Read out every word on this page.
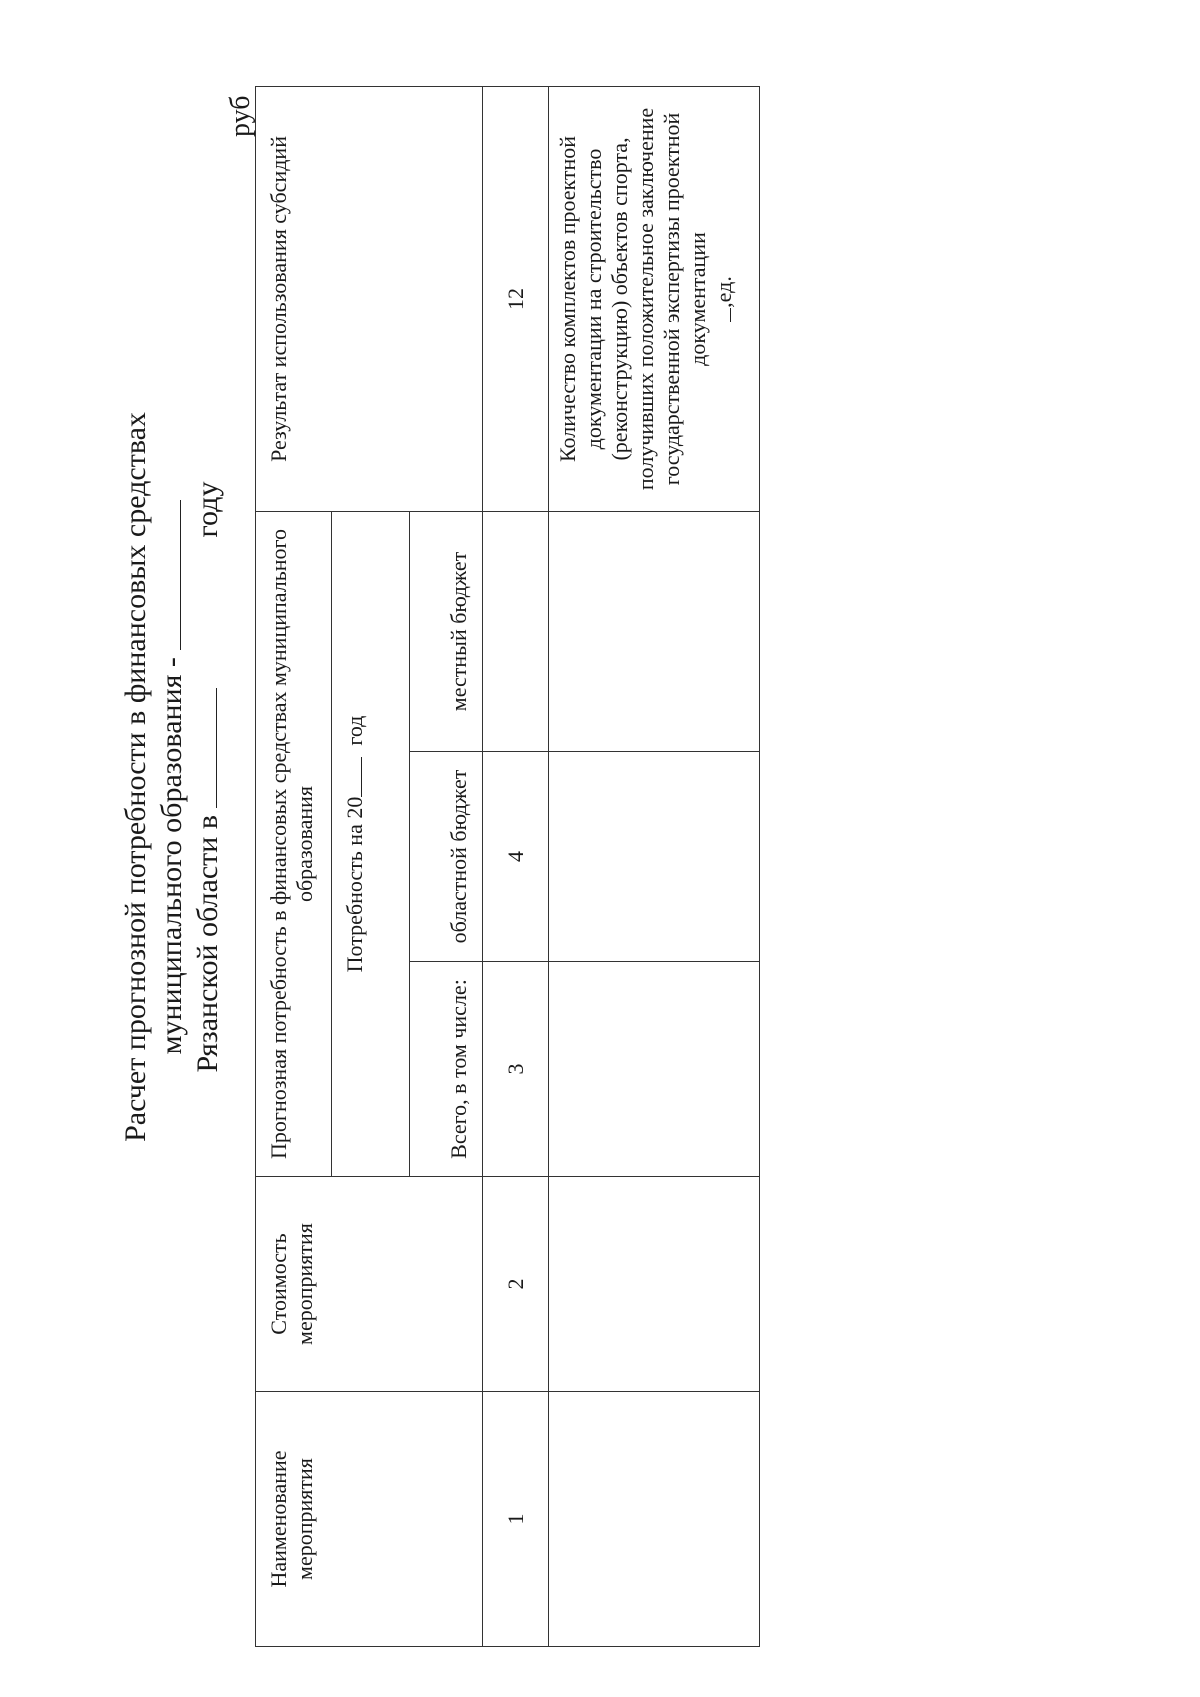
Расчет прогнозной потребности в финансовых средствах муниципального образования - Рязанской области в году
руб
Наименование мероприятия	Стоимость мероприятия	Прогнозная потребность в финансовых средствах муниципального образования			Результат использования субсидий
		Потребность на 20  год			
		Всего, в том числе:	областной бюджет	местный бюджет	
1	2	3	4		12
					Количество комплектов проектной документации на строительство (реконструкцию) объектов спорта, получивших положительное заключение государственной экспертизы проектной документации
,ед.
